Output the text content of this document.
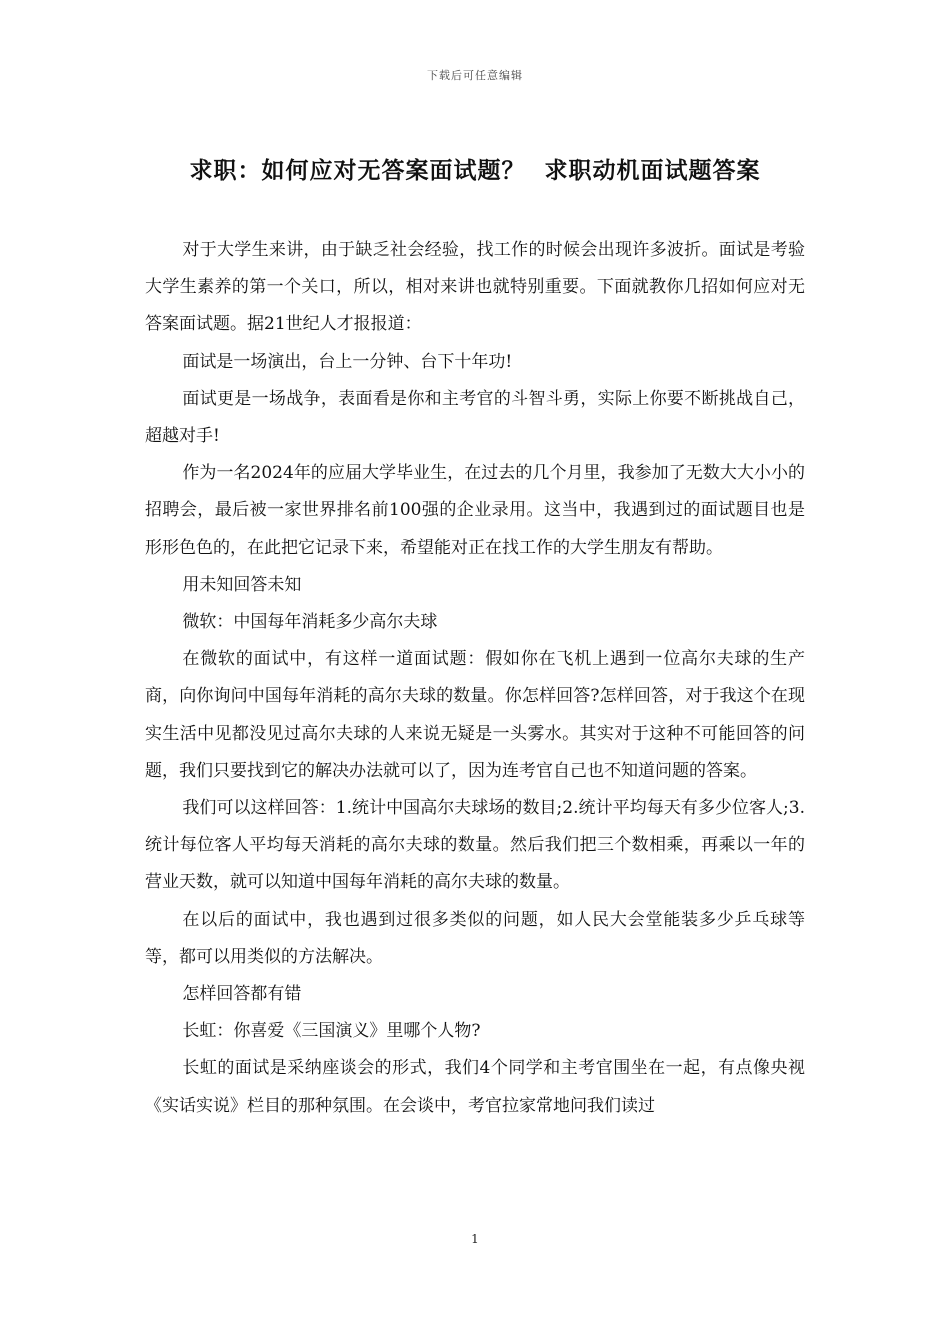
下载后可任意编辑
求职：如何应对无答案面试题？ 求职动机面试题答案

对于大学生来讲，由于缺乏社会经验，找工作的时候会出现许多波折。面试是考验大学生素养的第一个关口，所以，相对来讲也就特别重要。下面就教你几招如何应对无答案面试题。据21世纪人才报报道：

面试是一场演出，台上一分钟、台下十年功!

面试更是一场战争，表面看是你和主考官的斗智斗勇，实际上你要不断挑战自己，超越对手!

作为一名2024年的应届大学毕业生，在过去的几个月里，我参加了无数大大小小的招聘会，最后被一家世界排名前100强的企业录用。这当中，我遇到过的面试题目也是形形色色的，在此把它记录下来，希望能对正在找工作的大学生朋友有帮助。

用未知回答未知

微软：中国每年消耗多少高尔夫球

在微软的面试中，有这样一道面试题：假如你在飞机上遇到一位高尔夫球的生产商，向你询问中国每年消耗的高尔夫球的数量。你怎样回答?怎样回答，对于我这个在现实生活中见都没见过高尔夫球的人来说无疑是一头雾水。其实对于这种不可能回答的问题，我们只要找到它的解决办法就可以了，因为连考官自己也不知道问题的答案。

我们可以这样回答：1.统计中国高尔夫球场的数目;2.统计平均每天有多少位客人;3.统计每位客人平均每天消耗的高尔夫球的数量。然后我们把三个数相乘，再乘以一年的营业天数，就可以知道中国每年消耗的高尔夫球的数量。

在以后的面试中，我也遇到过很多类似的问题，如人民大会堂能装多少乒乓球等等，都可以用类似的方法解决。

怎样回答都有错

长虹：你喜爱《三国演义》里哪个人物?

长虹的面试是采纳座谈会的形式，我们4个同学和主考官围坐在一起，有点像央视《实话实说》栏目的那种氛围。在会谈中，考官拉家常地问我们读过

1
